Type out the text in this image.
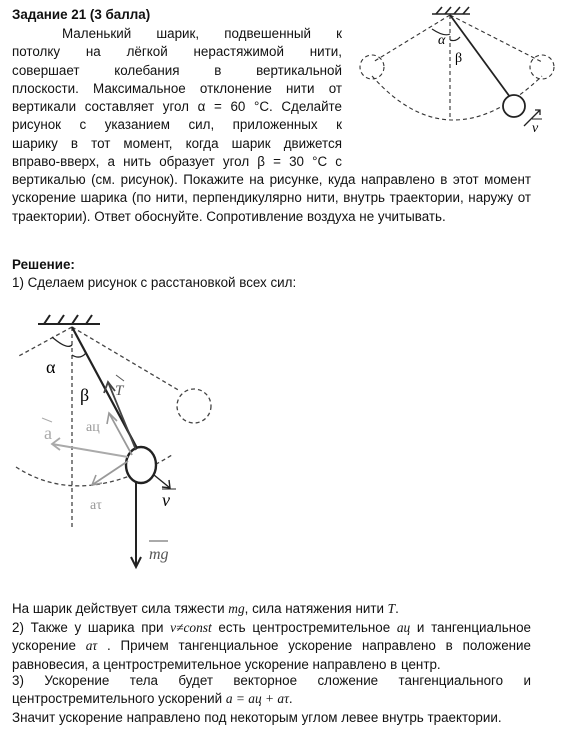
Задание 21 (3 балла)
Маленький шарик, подвешенный к
потолку на лёгкой нерастяжимой нити,
совершает колебания в вертикальной
плоскости. Максимальное отклонение нити от
вертикали составляет угол α = 60 °С. Сделайте
рисунок с указанием сил, приложенных к
шарику в тот момент, когда шарик движется
вправо-вверх, а нить образует угол β = 30 °С с
вертикалью (см. рисунок). Покажите на рисунке, куда направлено в этот момент ускорение шарика (по нити, перпендикулярно нити, внутрь траектории, наружу от траектории). Ответ обоснуйте. Сопротивление воздуха не учитывать.
α
β
v
Решение:
1) Сделаем рисунок с расстановкой всех сил:
α
β T
aц
a
aτ	v
mg
На шарик действует сила тяжести mg, сила натяжения нити T.
2) Также у шарика при v≠const есть центростремительное aц и тангенциальное
ускорение aτ . Причем тангенциальное ускорение направлено в положение равновесия, а центростремительное ускорение направлено в центр.
3) Ускорение тела будет векторное сложение тангенциального и центростремительного ускорений a = aц + aτ.
Значит ускорение направлено под некоторым углом левее внутрь траектории.
